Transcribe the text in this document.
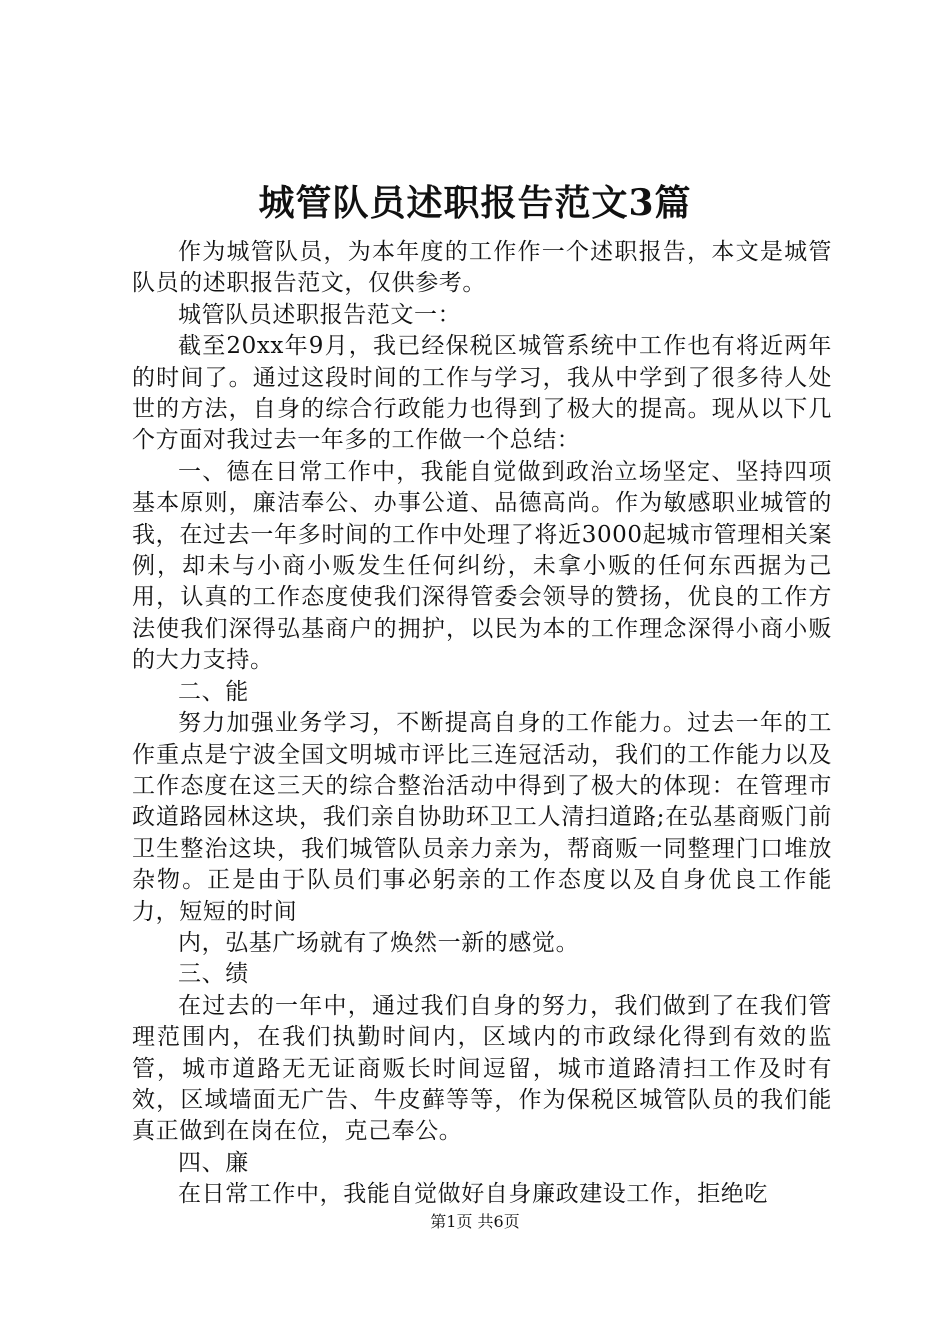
城管队员述职报告范文3篇

作为城管队员，为本年度的工作作一个述职报告，本文是城管队员的述职报告范文，仅供参考。

城管队员述职报告范文一：

截至20xx年9月，我已经保税区城管系统中工作也有将近两年的时间了。通过这段时间的工作与学习，我从中学到了很多待人处世的方法，自身的综合行政能力也得到了极大的提高。现从以下几个方面对我过去一年多的工作做一个总结：

一、德在日常工作中，我能自觉做到政治立场坚定、坚持四项基本原则，廉洁奉公、办事公道、品德高尚。作为敏感职业城管的我，在过去一年多时间的工作中处理了将近3000起城市管理相关案例，却未与小商小贩发生任何纠纷，未拿小贩的任何东西据为己用，认真的工作态度使我们深得管委会领导的赞扬，优良的工作方法使我们深得弘基商户的拥护，以民为本的工作理念深得小商小贩的大力支持。

二、能

努力加强业务学习，不断提高自身的工作能力。过去一年的工作重点是宁波全国文明城市评比三连冠活动，我们的工作能力以及工作态度在这三天的综合整治活动中得到了极大的体现：在管理市政道路园林这块，我们亲自协助环卫工人清扫道路;在弘基商贩门前卫生整治这块，我们城管队员亲力亲为，帮商贩一同整理门口堆放杂物。正是由于队员们事必躬亲的工作态度以及自身优良工作能力，短短的时间

内，弘基广场就有了焕然一新的感觉。

三、绩

在过去的一年中，通过我们自身的努力，我们做到了在我们管理范围内，在我们执勤时间内，区域内的市政绿化得到有效的监管，城市道路无无证商贩长时间逗留，城市道路清扫工作及时有效，区域墙面无广告、牛皮藓等等，作为保税区城管队员的我们能真正做到在岗在位，克己奉公。

四、廉

在日常工作中，我能自觉做好自身廉政建设工作，拒绝吃

第1页 共6页
